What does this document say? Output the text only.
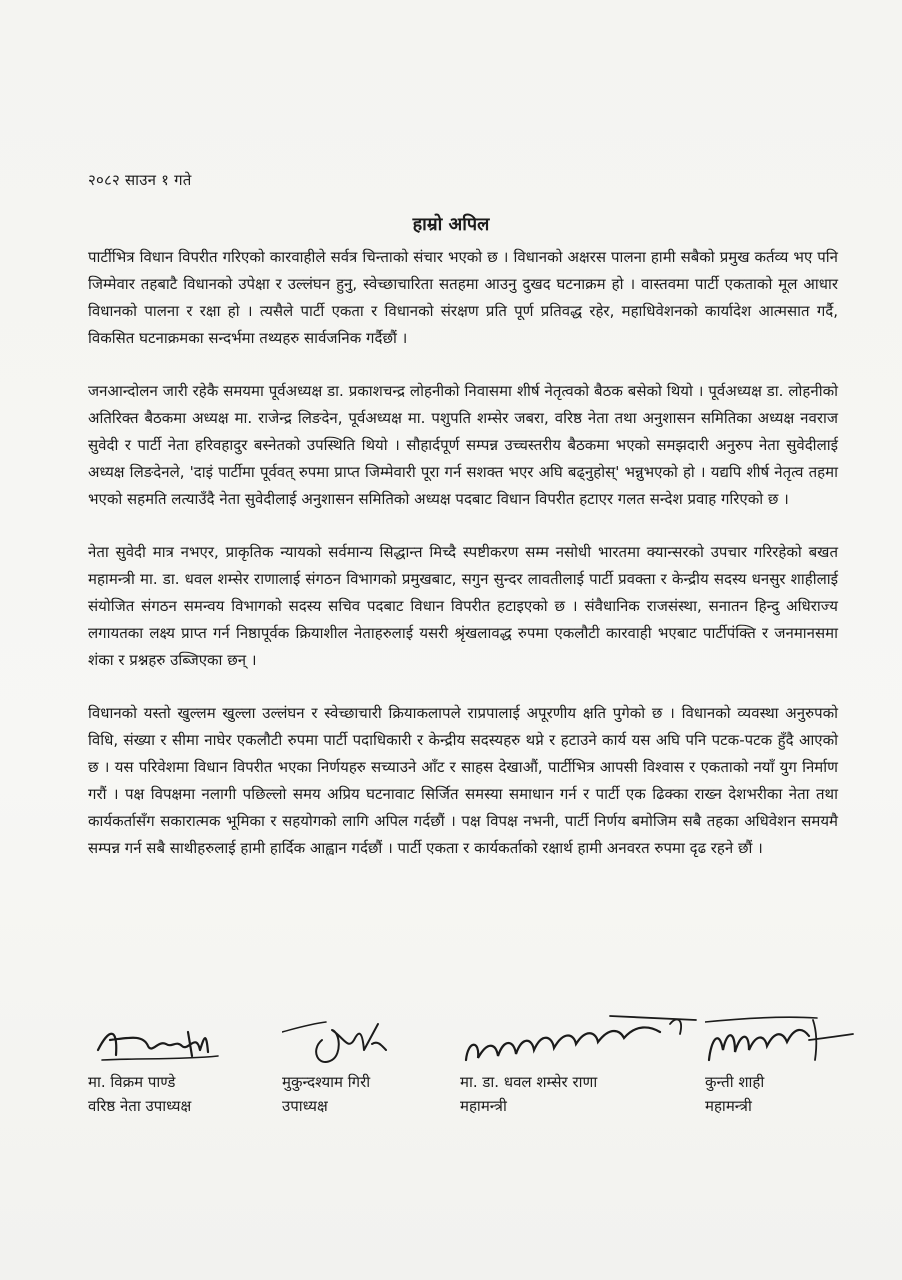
२०८२ साउन १ गते
हाम्रो अपिल

पार्टीभित्र विधान विपरीत गरिएको कारवाहीले सर्वत्र चिन्ताको संचार भएको छ । विधानको अक्षरस पालना हामी सबैको प्रमुख कर्तव्य भए पनि जिम्मेवार तहबाटै विधानको उपेक्षा र उल्लंघन हुनु, स्वेच्छाचारिता सतहमा आउनु दुखद घटनाक्रम हो । वास्तवमा पार्टी एकताको मूल आधार विधानको पालना र रक्षा हो । त्यसैले पार्टी एकता र विधानको संरक्षण प्रति पूर्ण प्रतिवद्ध रहेर, महाधिवेशनको कार्यादेश आत्मसात गर्दै, विकसित घटनाक्रमका सन्दर्भमा तथ्यहरु सार्वजनिक गर्दैछौं ।

जनआन्दोलन जारी रहेकै समयमा पूर्वअध्यक्ष डा. प्रकाशचन्द्र लोहनीको निवासमा शीर्ष नेतृत्वको बैठक बसेको थियो । पूर्वअध्यक्ष डा. लोहनीको अतिरिक्त बैठकमा अध्यक्ष मा. राजेन्द्र लिङदेन, पूर्वअध्यक्ष मा. पशुपति शम्सेर जबरा, वरिष्ठ नेता तथा अनुशासन समितिका अध्यक्ष नवराज सुवेदी र पार्टी नेता हरिवहादुर बस्नेतको उपस्थिति थियो । सौहार्दपूर्ण सम्पन्न उच्चस्तरीय बैठकमा भएको समझदारी अनुरुप नेता सुवेदीलाई अध्यक्ष लिङदेनले, 'दाइं पार्टीमा पूर्ववत् रुपमा प्राप्त जिम्मेवारी पूरा गर्न सशक्त भएर अघि बढ्नुहोस्' भन्नुभएको हो । यद्यपि शीर्ष नेतृत्व तहमा भएको सहमति लत्याउँदै नेता सुवेदीलाई अनुशासन समितिको अध्यक्ष पदबाट विधान विपरीत हटाएर गलत सन्देश प्रवाह गरिएको छ ।

नेता सुवेदी मात्र नभएर, प्राकृतिक न्यायको सर्वमान्य सिद्धान्त मिच्दै स्पष्टीकरण सम्म नसोधी भारतमा क्यान्सरको उपचार गरिरहेको बखत महामन्त्री मा. डा. धवल शम्सेर राणालाई संगठन विभागको प्रमुखबाट, सगुन सुन्दर लावतीलाई पार्टी प्रवक्ता र केन्द्रीय सदस्य धनसुर शाहीलाई संयोजित संगठन समन्वय विभागको सदस्य सचिव पदबाट विधान विपरीत हटाइएको छ । संवैधानिक राजसंस्था, सनातन हिन्दु अधिराज्य लगायतका लक्ष्य प्राप्त गर्न निष्ठापूर्वक क्रियाशील नेताहरुलाई यसरी श्रृंखलावद्ध रुपमा एकलौटी कारवाही भएबाट पार्टीपंक्ति र जनमानसमा शंका र प्रश्नहरु उब्जिएका छन् ।

विधानको यस्तो खुल्लम खुल्ला उल्लंघन र स्वेच्छाचारी क्रियाकलापले राप्रपालाई अपूरणीय क्षति पुगेको छ । विधानको व्यवस्था अनुरुपको विधि, संख्या र सीमा नाघेर एकलौटी रुपमा पार्टी पदाधिकारी र केन्द्रीय सदस्यहरु थप्ने र हटाउने कार्य यस अघि पनि पटक-पटक हुँदै आएको छ । यस परिवेशमा विधान विपरीत भएका निर्णयहरु सच्याउने आँट र साहस देखाऔं, पार्टीभित्र आपसी विश्वास र एकताको नयाँ युग निर्माण गरौं । पक्ष विपक्षमा नलागी पछिल्लो समय अप्रिय घटनावाट सिर्जित समस्या समाधान गर्न र पार्टी एक ढिक्का राख्न देशभरीका नेता तथा कार्यकर्तासँग सकारात्मक भूमिका र सहयोगको लागि अपिल गर्दछौं । पक्ष विपक्ष नभनी, पार्टी निर्णय बमोजिम सबै तहका अधिवेशन समयमै सम्पन्न गर्न सबै साथीहरुलाई हामी हार्दिक आह्वान गर्दछौं । पार्टी एकता र कार्यकर्ताको रक्षार्थ हामी अनवरत रुपमा दृढ रहने छौं ।

मा. विक्रम पाण्डे
वरिष्ठ नेता उपाध्यक्ष
मुकुन्दश्याम गिरी
उपाध्यक्ष
मा. डा. धवल शम्सेर राणा
महामन्त्री
कुन्ती शाही
महामन्त्री
